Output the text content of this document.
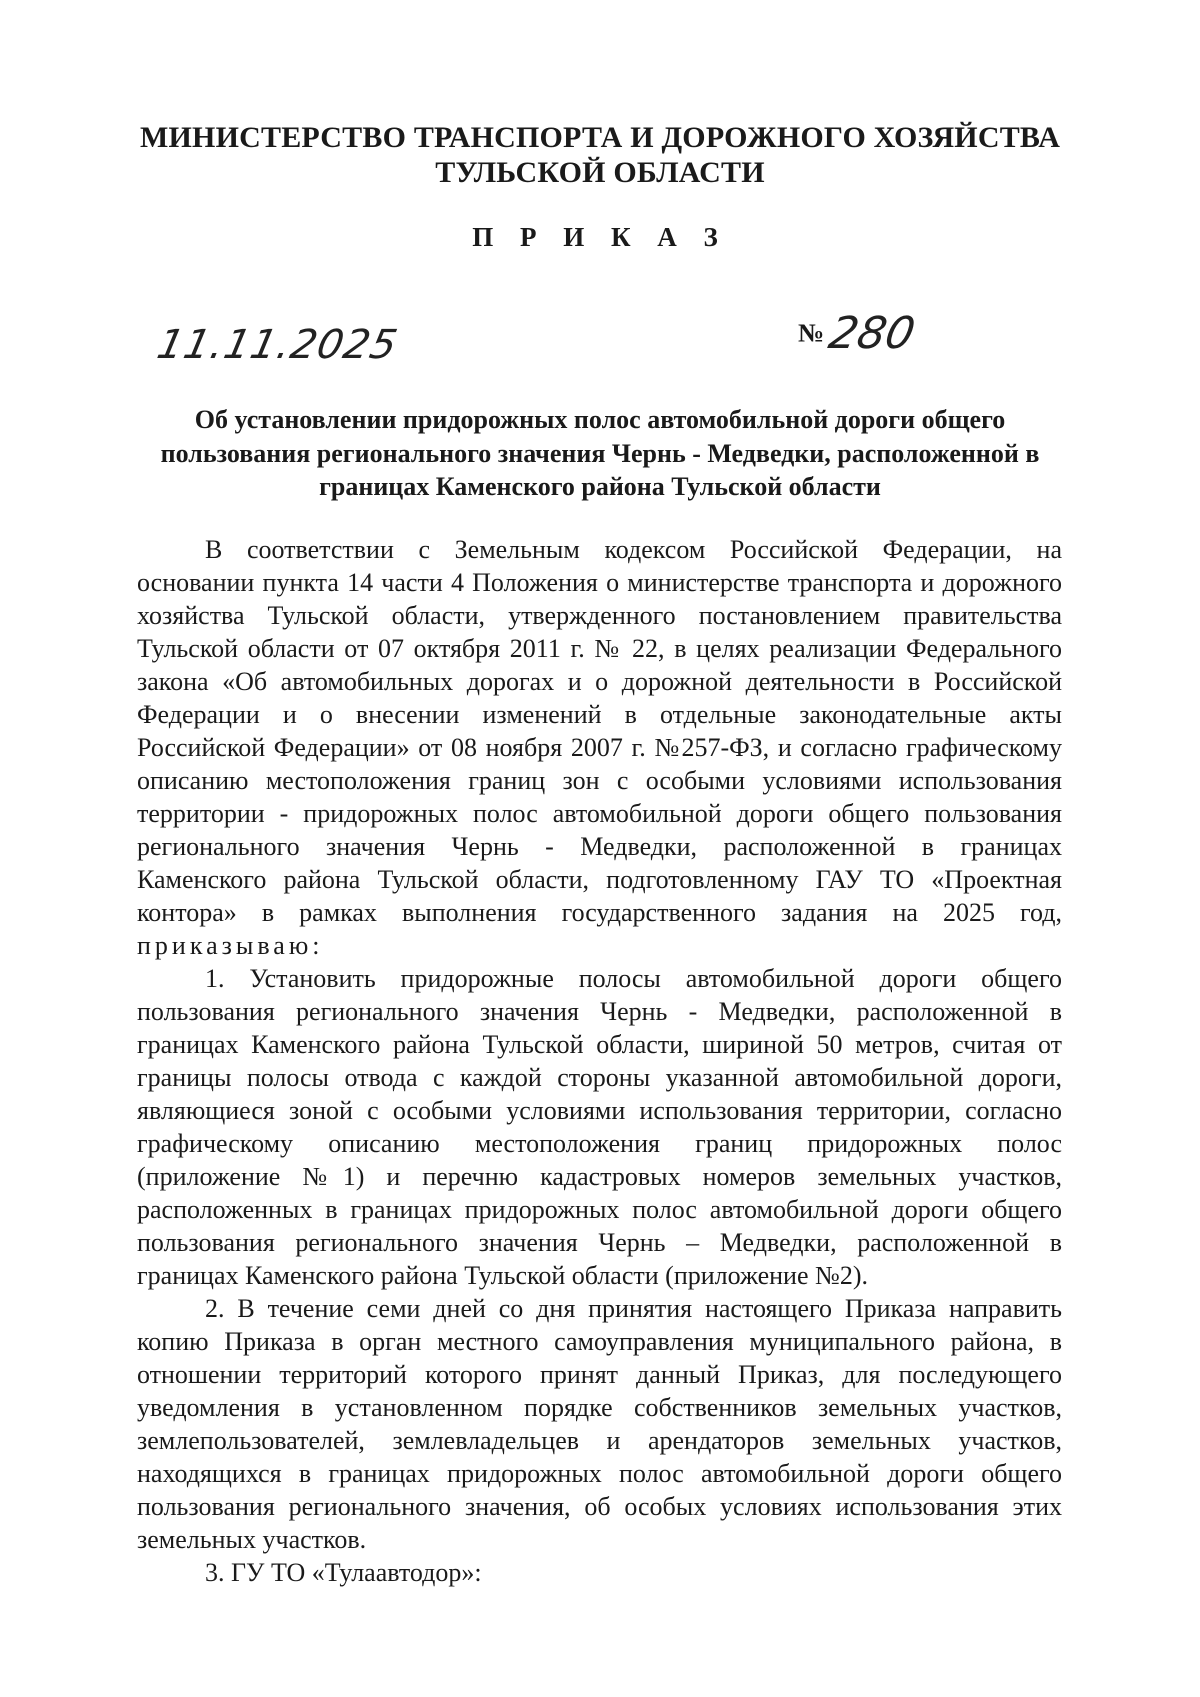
МИНИСТЕРСТВО ТРАНСПОРТА И ДОРОЖНОГО ХОЗЯЙСТВА
ТУЛЬСКОЙ ОБЛАСТИ
П Р И К А З
11.11.2025	№280
Об установлении придорожных полос автомобильной дороги общего
пользования регионального значения Чернь - Медведки, расположенной в
границах Каменского района Тульской области

В соответствии с Земельным кодексом Российской Федерации, на
основании пункта 14 части 4 Положения о министерстве транспорта и дорожного
хозяйства Тульской области, утвержденного постановлением правительства
Тульской области от 07 октября 2011 г. № 22, в целях реализации Федерального
закона «Об автомобильных дорогах и о дорожной деятельности в Российской
Федерации и о внесении изменений в отдельные законодательные акты
Российской Федерации» от 08 ноября 2007 г. №257-ФЗ, и согласно графическому
описанию местоположения границ зон с особыми условиями использования
территории - придорожных полос автомобильной дороги общего пользования
регионального значения Чернь - Медведки, расположенной в границах
Каменского района Тульской области, подготовленному ГАУ ТО «Проектная
контора» в рамках выполнения государственного задания на 2025 год,
приказываю:

1. Установить придорожные полосы автомобильной дороги общего
пользования регионального значения Чернь - Медведки, расположенной в
границах Каменского района Тульской области, шириной 50 метров, считая от
границы полосы отвода с каждой стороны указанной автомобильной дороги,
являющиеся зоной с особыми условиями использования территории, согласно
графическому описанию местоположения границ придорожных полос
(приложение №1) и перечню кадастровых номеров земельных участков,
расположенных в границах придорожных полос автомобильной дороги общего
пользования регионального значения Чернь – Медведки, расположенной в
границах Каменского района Тульской области (приложение №2).

2. В течение семи дней со дня принятия настоящего Приказа направить
копию Приказа в орган местного самоуправления муниципального района, в
отношении территорий которого принят данный Приказ, для последующего
уведомления в установленном порядке собственников земельных участков,
землепользователей, землевладельцев и арендаторов земельных участков,
находящихся в границах придорожных полос автомобильной дороги общего
пользования регионального значения, об особых условиях использования этих
земельных участков.

3. ГУ ТО «Тулаавтодор»:
